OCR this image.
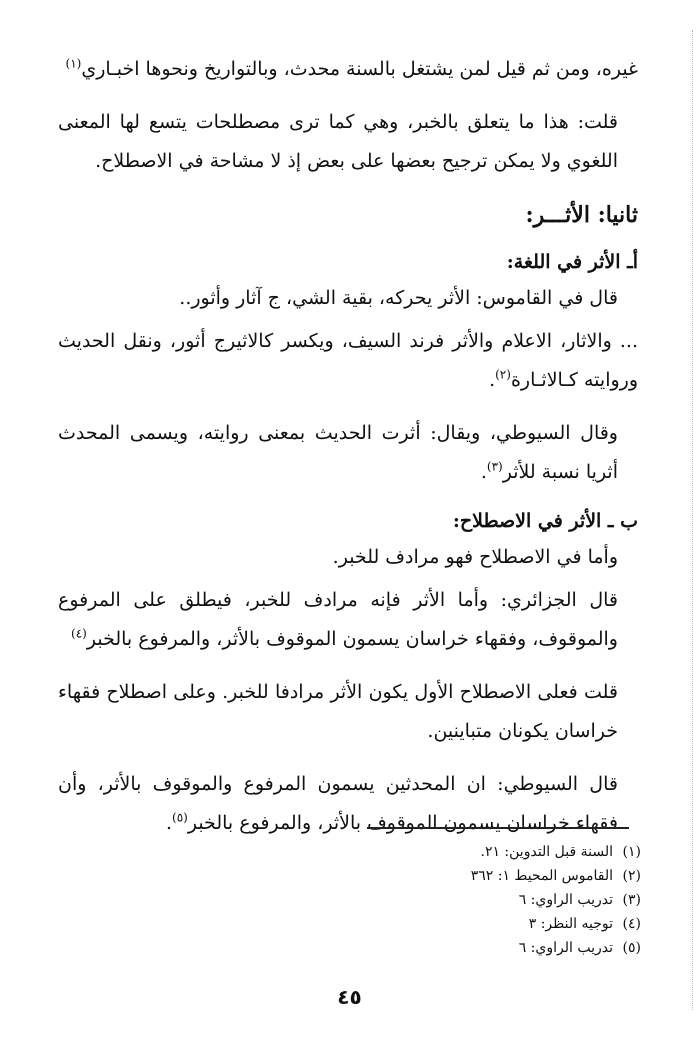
غيره، ومن ثم قيل لمن يشتغل بالسنة محدث، وبالتواريخ ونحوها اخبـاري$^{(١)}$

قلت: هذا ما يتعلق بالخبر، وهي كما ترى مصطلحات يتسع لها المعنى اللغوي ولا يمكن ترجيح بعضها على بعض إذ لا مشاحة في الاصطلاح.

ثانيا: الأثـــر:
أـ الأثر في اللغة:

قال في القاموس: الأثر يحركه، بقية الشي، ج آثار وأثور..

... والاثار، الاعلام والأثر فرند السيف، ويكسر كالاثيرج أثور، ونقل الحديث وروايته كـالاثـارة$^{(٢)}$.

وقال السيوطي، ويقال: أثرت الحديث بمعنى روايته، ويسمى المحدث أثريا نسبة للأثر$^{(٣)}$.

ب ـ الأثر في الاصطلاح:

وأما في الاصطلاح فهو مرادف للخبر.

قال الجزائري: وأما الأثر فإنه مرادف للخبر، فيطلق على المرفوع والموقوف، وفقهاء خراسان يسمون الموقوف بالأثر، والمرفوع بالخبر$^{(٤)}$

قلت فعلى الاصطلاح الأول يكون الأثر مرادفا للخبر. وعلى اصطلاح فقهاء خراسان يكونان متباينين.

قال السيوطي: ان المحدثين يسمون المرفوع والموقوف بالأثر، وأن فقهاء خراسان يسمون الموقوف بالأثر، والمرفوع بالخبر$^{(٥)}$.

(١)السنة قبل التدوين: ٢١.
(٢)القاموس المحيط ١: ٣٦٢
(٣)تدريب الراوي: ٦
(٤)توجيه النظر: ٣
(٥)تدريب الراوي: ٦
٤٥
